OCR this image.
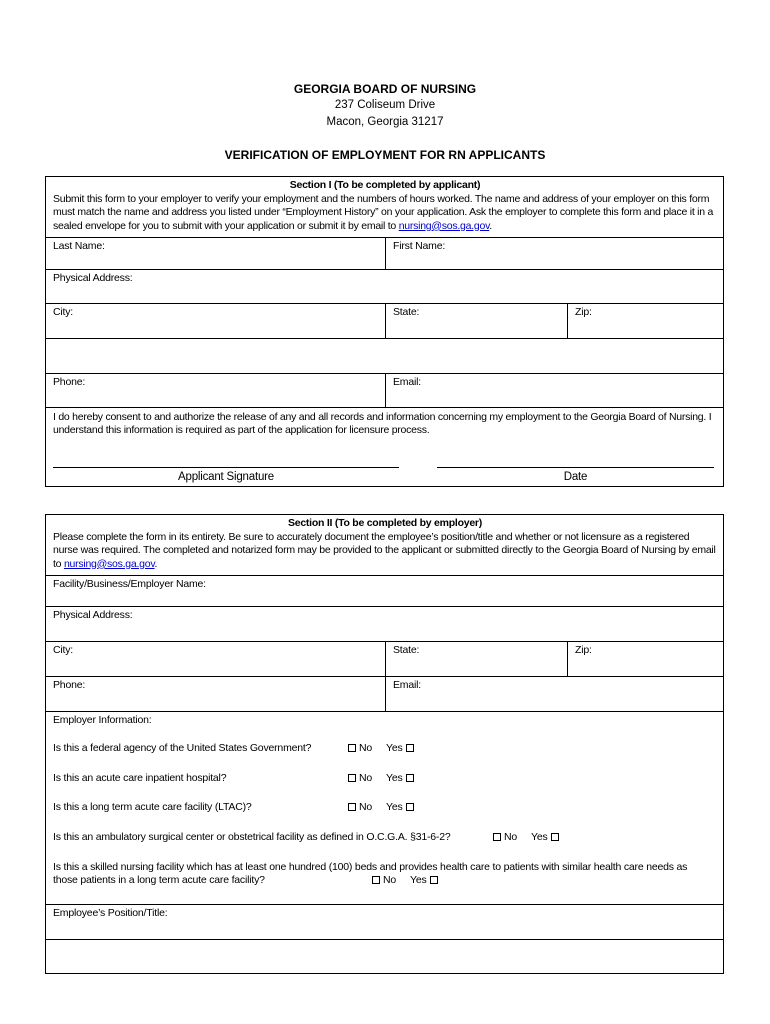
GEORGIA BOARD OF NURSING
237 Coliseum Drive
Macon, Georgia 31217
VERIFICATION OF EMPLOYMENT FOR RN APPLICANTS
Section I (To be completed by applicant)
Submit this form to your employer to verify your employment and the numbers of hours worked. The name and address of your employer on this form must match the name and address you listed under “Employment History” on your application. Ask the employer to complete this form and place it in a sealed envelope for you to submit with your application or submit it by email to nursing@sos.ga.gov.
Last Name:	First Name:
Physical Address:
City:	State:	Zip:
Phone:	Email:
I do hereby consent to and authorize the release of any and all records and information concerning my employment to the Georgia Board of Nursing. I understand this information is required as part of the application for licensure process.
Applicant Signature	Date
Section II (To be completed by employer)
Please complete the form in its entirety. Be sure to accurately document the employee’s position/title and whether or not licensure as a registered nurse was required. The completed and notarized form may be provided to the applicant or submitted directly to the Georgia Board of Nursing by email to nursing@sos.ga.gov.
Facility/Business/Employer Name:
Physical Address:
City:	State:	Zip:
Phone:	Email:
Employer Information:
Is this a federal agency of the United States Government?	No Yes
Is this an acute care inpatient hospital?	No Yes
Is this a long term acute care facility (LTAC)?	No Yes
Is this an ambulatory surgical center or obstetrical facility as defined in O.C.G.A. §31-6-2?	No Yes
Is this a skilled nursing facility which has at least one hundred (100) beds and provides health care to patients with similar health care needs as
those patients in a long term acute care facility?	No Yes
Employee’s Position/Title:
